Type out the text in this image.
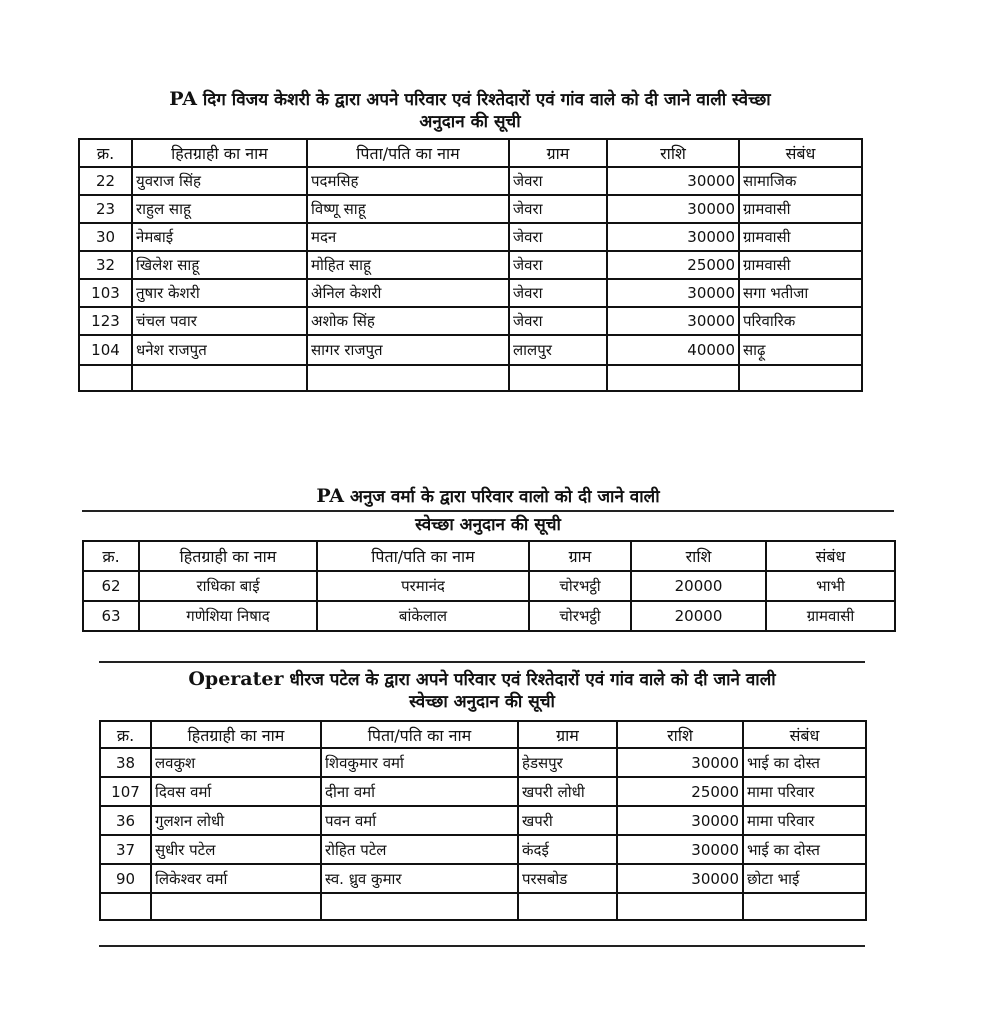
PA दिग विजय केशरी के द्वारा अपने परिवार एवं रिश्तेदारों एवं गांव वाले को दी जाने वाली स्वेच्छा
अनुदान की सूची
क्र.	हितग्राही का नाम	पिता/पति का नाम	ग्राम	राशि	संबंध
22	युवराज सिंह	पदमसिह	जेवरा	30000	सामाजिक
23	राहुल साहू	विष्णू साहू	जेवरा	30000	ग्रामवासी
30	नेमबाई	मदन	जेवरा	30000	ग्रामवासी
32	खिलेश साहू	मोहित साहू	जेवरा	25000	ग्रामवासी
103	तुषार केशरी	अेनिल केशरी	जेवरा	30000	सगा भतीजा
123	चंचल पवार	अशोक सिंह	जेवरा	30000	परिवारिक
104	धनेश राजपुत	सागर राजपुत	लालपुर	40000	साढ़ू

PA अनुज वर्मा के द्वारा परिवार वालो को दी जाने वाली
स्वेच्छा अनुदान की सूची
क्र.	हितग्राही का नाम	पिता/पति का नाम	ग्राम	राशि	संबंध
62	राधिका बाई	परमानंद	चोरभट्ठी	20000	भाभी
63	गणेशिया निषाद	बांकेलाल	चोरभट्ठी	20000	ग्रामवासी
Operater धीरज पटेल के द्वारा अपने परिवार एवं रिश्तेदारों एवं गांव वाले को दी जाने वाली
स्वेच्छा अनुदान की सूची
क्र.	हितग्राही का नाम	पिता/पति का नाम	ग्राम	राशि	संबंध
38	लवकुश	शिवकुमार वर्मा	हेडसपुर	30000	भाई का दोस्त
107	दिवस वर्मा	दीना वर्मा	खपरी लोधी	25000	मामा परिवार
36	गुलशन लोधी	पवन वर्मा	खपरी	30000	मामा परिवार
37	सुधीर पटेल	रोहित पटेल	कंदई	30000	भाई का दोस्त
90	लिकेश्वर वर्मा	स्व. ध्रुव कुमार	परसबोड	30000	छोटा भाई
